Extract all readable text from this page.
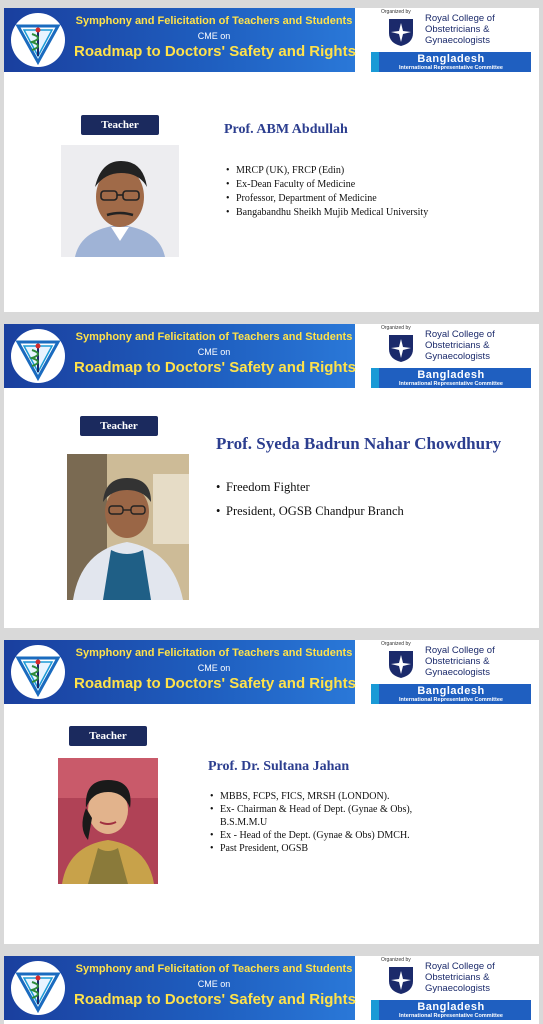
Symphony and Felicitation of Teachers and Students
CME on
Roadmap to Doctors' Safety and Rights
Organized by
Royal College of Obstetricians & Gynaecologists
Bangladesh
International Representative Committee
Teacher	Prof. ABM Abdullah
• MRCP (UK), FRCP (Edin)
• Ex-Dean Faculty of Medicine
• Professor, Department of Medicine
• Bangabandhu Sheikh Mujib Medical University
Symphony and Felicitation of Teachers and Students
CME on
Roadmap to Doctors' Safety and Rights
Organized by
Royal College of Obstetricians & Gynaecologists
Bangladesh
International Representative Committee
Teacher
Prof. Syeda Badrun Nahar Chowdhury
• Freedom Fighter
• President, OGSB Chandpur Branch
Symphony and Felicitation of Teachers and Students
CME on
Roadmap to Doctors' Safety and Rights
Organized by
Royal College of Obstetricians & Gynaecologists
Bangladesh
International Representative Committee
Teacher
Prof. Dr. Sultana Jahan
• MBBS, FCPS, FICS, MRSH (LONDON).
• Ex- Chairman & Head of Dept. (Gynae & Obs), B.S.M.M.U
• Ex - Head of the Dept. (Gynae & Obs) DMCH.
• Past President, OGSB
Symphony and Felicitation of Teachers and Students
CME on
Roadmap to Doctors' Safety and Rights
Organized by
Royal College of Obstetricians & Gynaecologists
Bangladesh
International Representative Committee
